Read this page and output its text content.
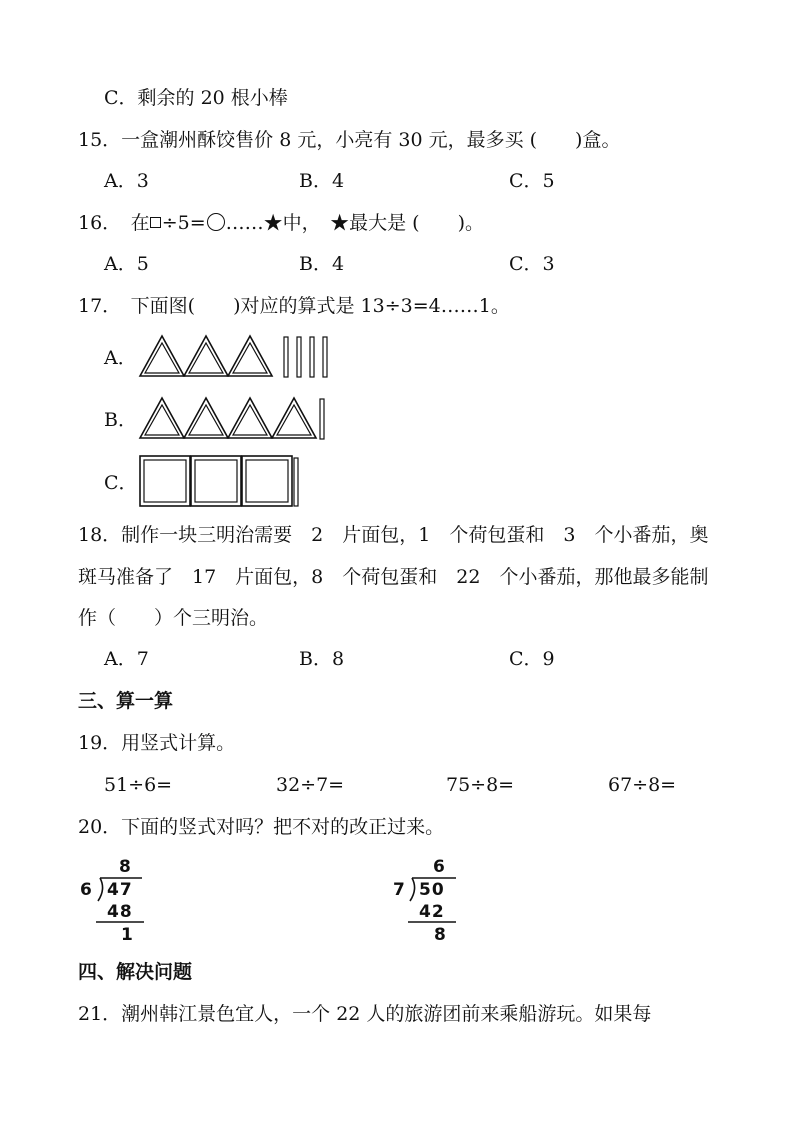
C．剩余的 20 根小棒
15．一盒潮州酥饺售价 8 元，小亮有 30 元，最多买 (　　)盒。
A．3	B．4	C．5
16．　在 ÷5= ……★中，　★最大是 (　　)。
A．5	B．4	C．3
17．　下面图(　　)对应的算式是 13÷3=4……1。
A．
B．
C．
18．制作一块三明治需要　2　片面包，1　个荷包蛋和　3　个小番茄，奥
斑马准备了　17　片面包，8　个荷包蛋和　22　个小番茄，那他最多能制
作（　　）个三明治。
A．7	B．8	C．9
三、算一算
19．用竖式计算。
51÷6=	32÷7=	75÷8=	67÷8=
20．下面的竖式对吗？把不对的改正过来。
8
6 47
48
1
6
7 50
42
8
四、解决问题
21．潮州韩江景色宜人，一个 22 人的旅游团前来乘船游玩。如果每
